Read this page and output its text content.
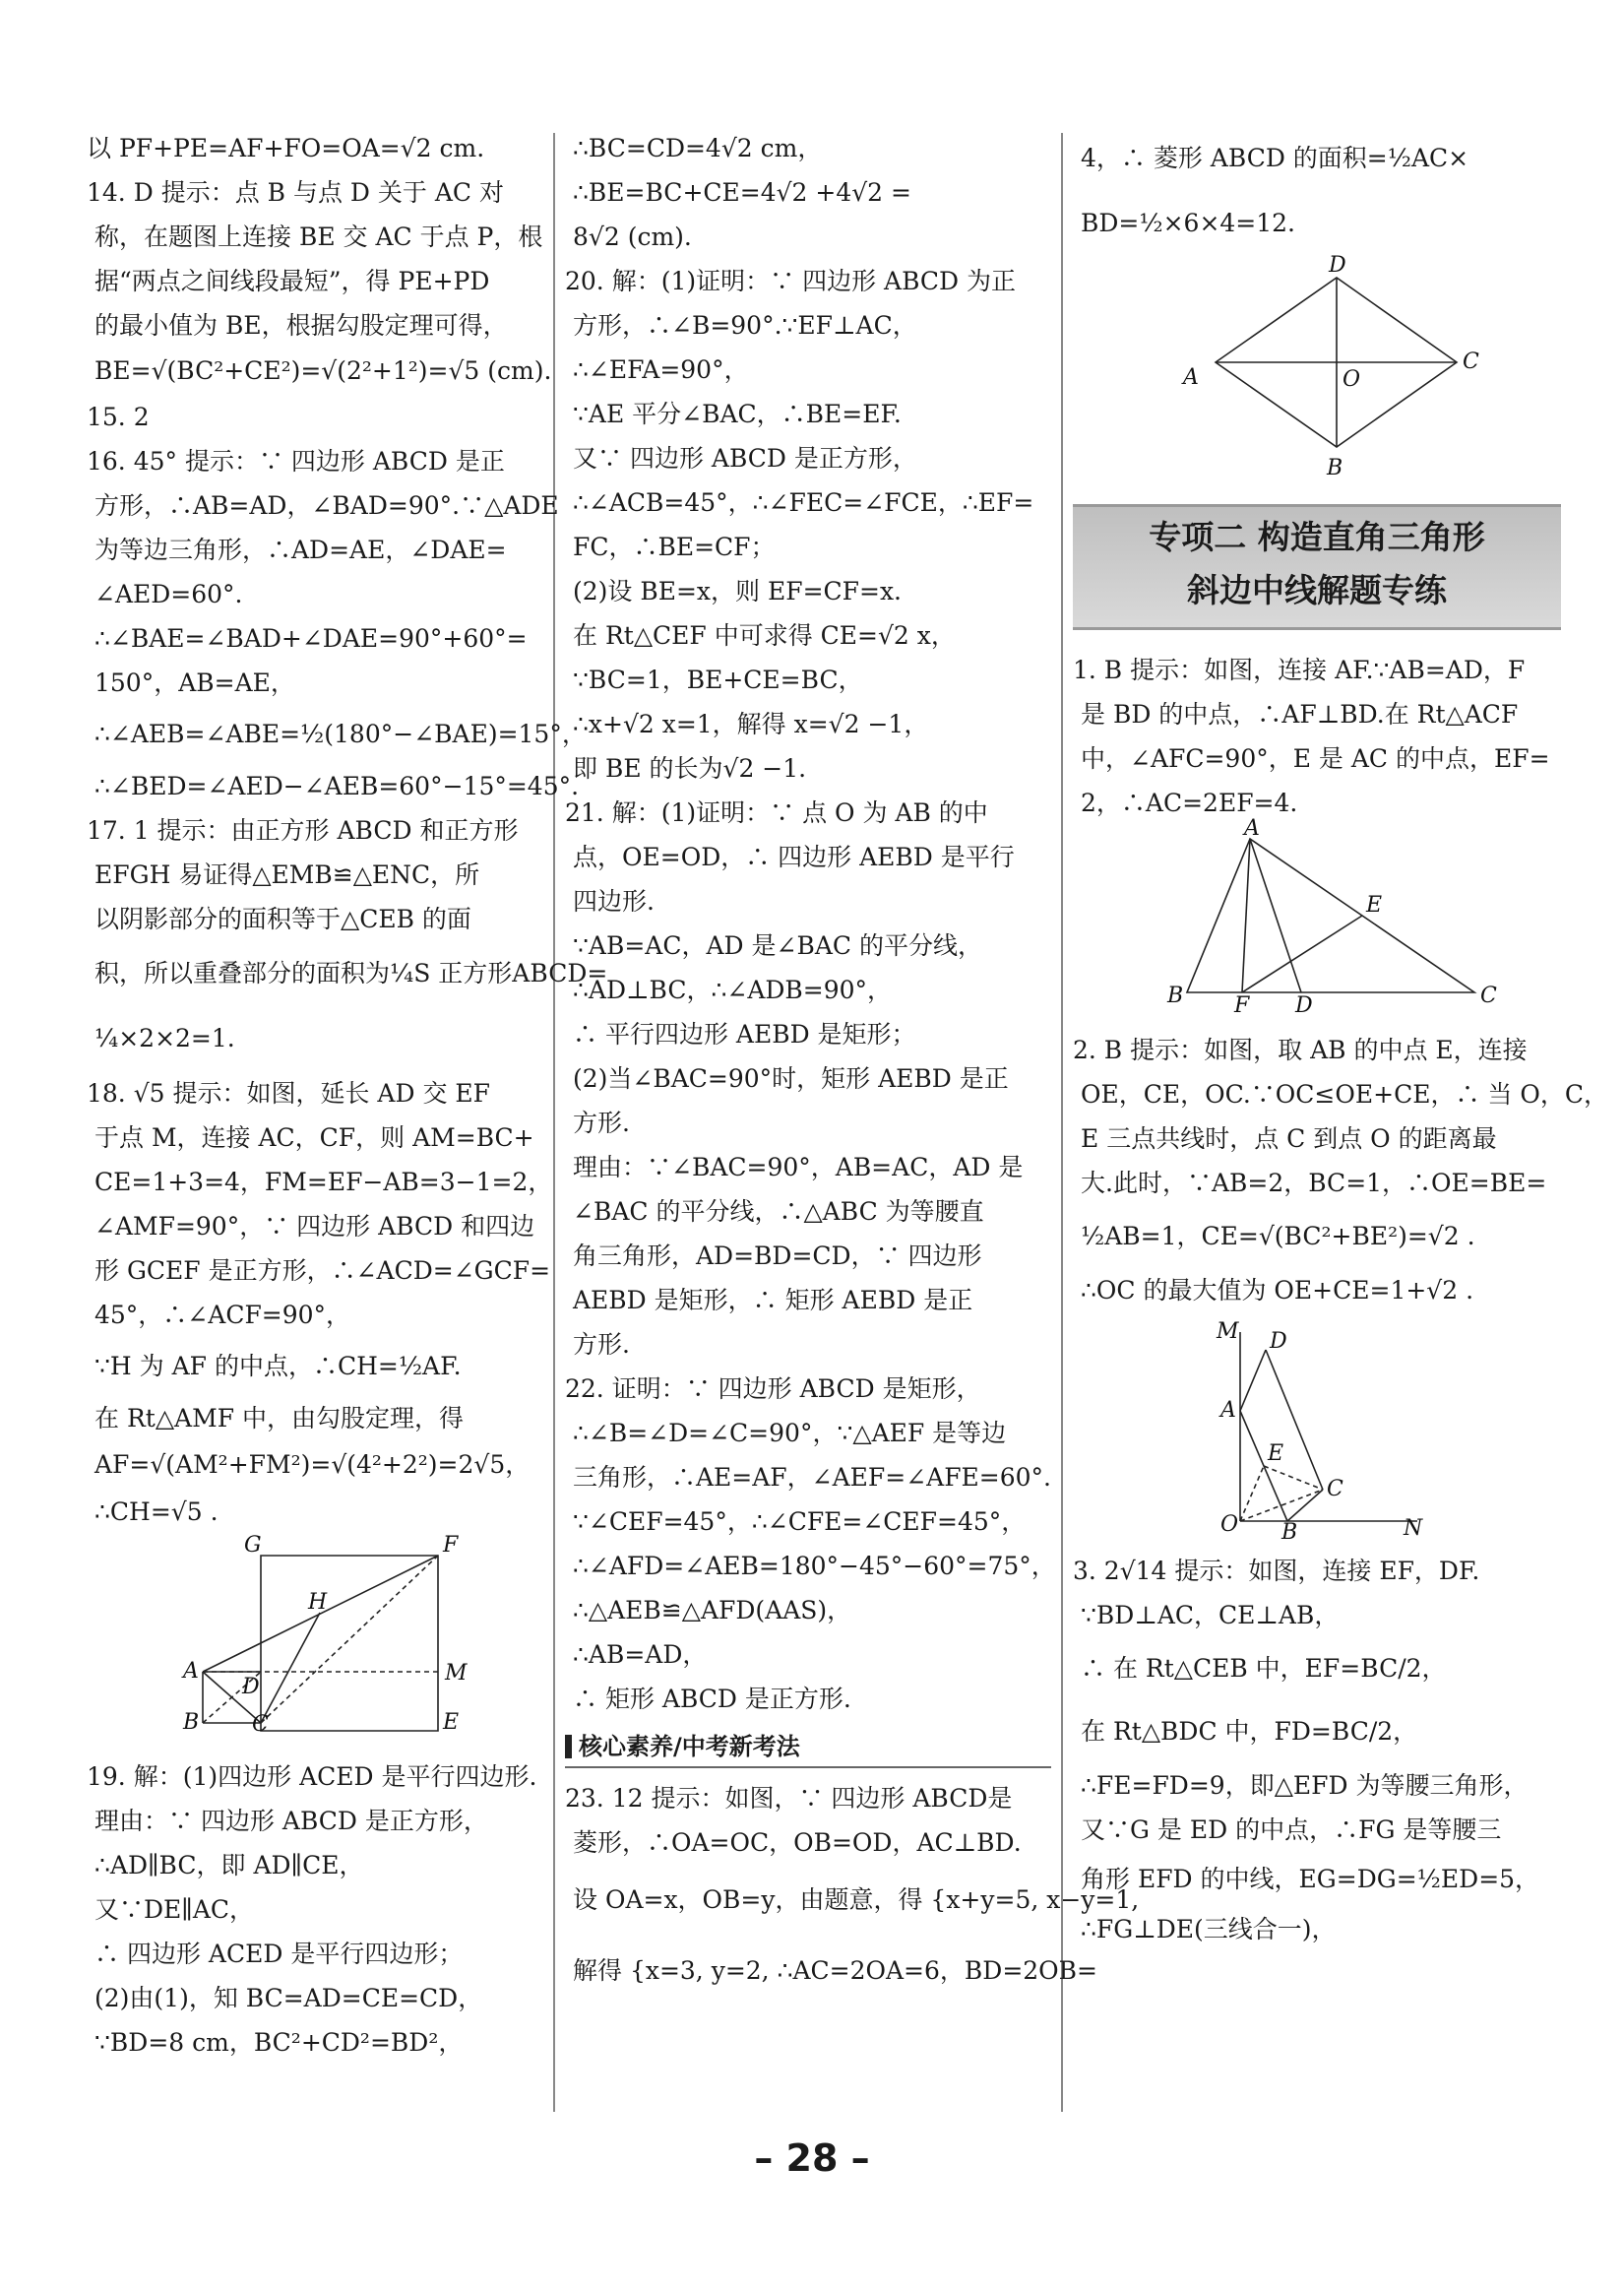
以 PF+PE=AF+FO=OA=√2 cm.
14. D 提示：点 B 与点 D 关于 AC 对
称，在题图上连接 BE 交 AC 于点 P，根
据“两点之间线段最短”，得 PE+PD
的最小值为 BE，根据勾股定理可得，
BE=√(BC²+CE²)=√(2²+1²)=√5 (cm).
15. 2
16. 45° 提示：∵ 四边形 ABCD 是正
方形，∴AB=AD，∠BAD=90°.∵△ADE
为等边三角形，∴AD=AE，∠DAE=
∠AED=60°.
∴∠BAE=∠BAD+∠DAE=90°+60°=
150°，AB=AE，
∴∠AEB=∠ABE=½(180°−∠BAE)=15°，
∴∠BED=∠AED−∠AEB=60°−15°=45°.
17. 1 提示：由正方形 ABCD 和正方形
EFGH 易证得△EMB≌△ENC，所
以阴影部分的面积等于△CEB 的面
积，所以重叠部分的面积为¼S 正方形ABCD=
¼×2×2=1.
18. √5 提示：如图，延长 AD 交 EF
于点 M，连接 AC，CF，则 AM=BC+
CE=1+3=4，FM=EF−AB=3−1=2，
∠AMF=90°，∵ 四边形 ABCD 和四边
形 GCEF 是正方形，∴∠ACD=∠GCF=
45°，∴∠ACF=90°，
∵H 为 AF 的中点，∴CH=½AF.
在 Rt△AMF 中，由勾股定理，得
AF=√(AM²+FM²)=√(4²+2²)=2√5，
∴CH=√5 .
G	F
H
A
D
M
B C	E
19. 解：(1)四边形 ACED 是平行四边形.
理由：∵ 四边形 ABCD 是正方形，
∴AD∥BC，即 AD∥CE，
又∵DE∥AC，
∴ 四边形 ACED 是平行四边形；
(2)由(1)，知 BC=AD=CE=CD，
∵BD=8 cm，BC²+CD²=BD²，
∴BC=CD=4√2 cm，
∴BE=BC+CE=4√2 +4√2 =
8√2 (cm).
20. 解：(1)证明：∵ 四边形 ABCD 为正
方形，∴∠B=90°.∵EF⊥AC，
∴∠EFA=90°，
∵AE 平分∠BAC，∴BE=EF.
又∵ 四边形 ABCD 是正方形，
∴∠ACB=45°，∴∠FEC=∠FCE，∴EF=
FC，∴BE=CF；
(2)设 BE=x，则 EF=CF=x.
在 Rt△CEF 中可求得 CE=√2 x，
∵BC=1，BE+CE=BC，
∴x+√2 x=1，解得 x=√2 −1，
即 BE 的长为√2 −1.
21. 解：(1)证明：∵ 点 O 为 AB 的中
点，OE=OD，∴ 四边形 AEBD 是平行
四边形.
∵AB=AC，AD 是∠BAC 的平分线，
∴AD⊥BC，∴∠ADB=90°，
∴ 平行四边形 AEBD 是矩形；
(2)当∠BAC=90°时，矩形 AEBD 是正
方形.
理由：∵∠BAC=90°，AB=AC，AD 是
∠BAC 的平分线，∴△ABC 为等腰直
角三角形，AD=BD=CD，∵ 四边形
AEBD 是矩形，∴ 矩形 AEBD 是正
方形.
22. 证明：∵ 四边形 ABCD 是矩形，
∴∠B=∠D=∠C=90°，∵△AEF 是等边
三角形，∴AE=AF，∠AEF=∠AFE=60°.
∵∠CEF=45°，∴∠CFE=∠CEF=45°，
∴∠AFD=∠AEB=180°−45°−60°=75°，
∴△AEB≌△AFD(AAS)，
∴AB=AD，
∴ 矩形 ABCD 是正方形.
核心素养/中考新考法
23. 12 提示：如图，∵ 四边形 ABCD是
菱形，∴OA=OC，OB=OD，AC⊥BD.
设 OA=x，OB=y，由题意，得 {x+y=5, x−y=1,
解得 {x=3, y=2, ∴AC=2OA=6，BD=2OB=
4，∴ 菱形 ABCD 的面积=½AC×
BD=½×6×4=12.
D
A	O
C
B
专项二 构造直角三角形
斜边中线解题专练
1. B 提示：如图，连接 AF.∵AB=AD，F
是 BD 的中点，∴AF⊥BD.在 Rt△ACF
中，∠AFC=90°，E 是 AC 的中点，EF=
2，∴AC=2EF=4.
A
E
B F D	C
2. B 提示：如图，取 AB 的中点 E，连接
OE，CE，OC.∵OC≤OE+CE，∴ 当 O，C，
E 三点共线时，点 C 到点 O 的距离最
大.此时，∵AB=2，BC=1，∴OE=BE=
½AB=1，CE=√(BC²+BE²)=√2 .
∴OC 的最大值为 OE+CE=1+√2 .
M D
A
E
C
O B	N
3. 2√14 提示：如图，连接 EF，DF.
∵BD⊥AC，CE⊥AB，
∴ 在 Rt△CEB 中，EF=BC/2，
在 Rt△BDC 中，FD=BC/2，
∴FE=FD=9，即△EFD 为等腰三角形，
又∵G 是 ED 的中点，∴FG 是等腰三
角形 EFD 的中线，EG=DG=½ED=5，
∴FG⊥DE(三线合一)，
– 28 –
